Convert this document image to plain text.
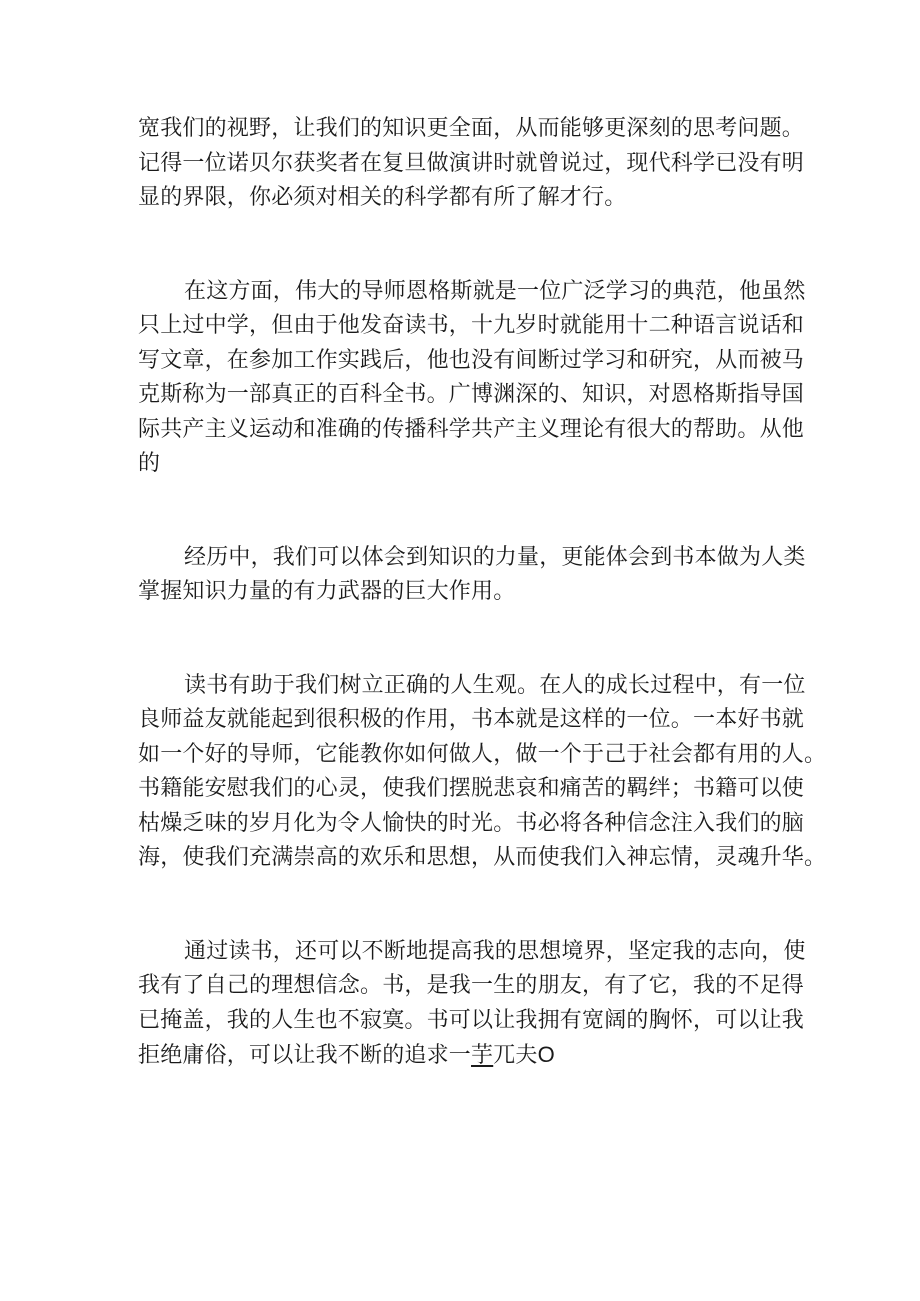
宽我们的视野，让我们的知识更全面，从而能够更深刻的思考问题。
记得一位诺贝尔获奖者在复旦做演讲时就曾说过，现代科学已没有明
显的界限，你必须对相关的科学都有所了解才行。
在这方面，伟大的导师恩格斯就是一位广泛学习的典范，他虽然
只上过中学，但由于他发奋读书，十九岁时就能用十二种语言说话和
写文章，在参加工作实践后，他也没有间断过学习和研究，从而被马
克斯称为一部真正的百科全书。广博渊深的、知识，对恩格斯指导国
际共产主义运动和准确的传播科学共产主义理论有很大的帮助。从他
的
经历中，我们可以体会到知识的力量，更能体会到书本做为人类
掌握知识力量的有力武器的巨大作用。
读书有助于我们树立正确的人生观。在人的成长过程中，有一位
良师益友就能起到很积极的作用，书本就是这样的一位。一本好书就
如一个好的导师，它能教你如何做人，做一个于己于社会都有用的人。
书籍能安慰我们的心灵，使我们摆脱悲哀和痛苦的羁绊；书籍可以使
枯燥乏味的岁月化为令人愉快的时光。书必将各种信念注入我们的脑
海，使我们充满崇高的欢乐和思想，从而使我们入神忘情，灵魂升华。
通过读书，还可以不断地提高我的思想境界，坚定我的志向，使
我有了自己的理想信念。书，是我一生的朋友，有了它，我的不足得
已掩盖，我的人生也不寂寞。书可以让我拥有宽阔的胸怀，可以让我
拒绝庸俗，可以让我不断的追求一芋兀夫O
